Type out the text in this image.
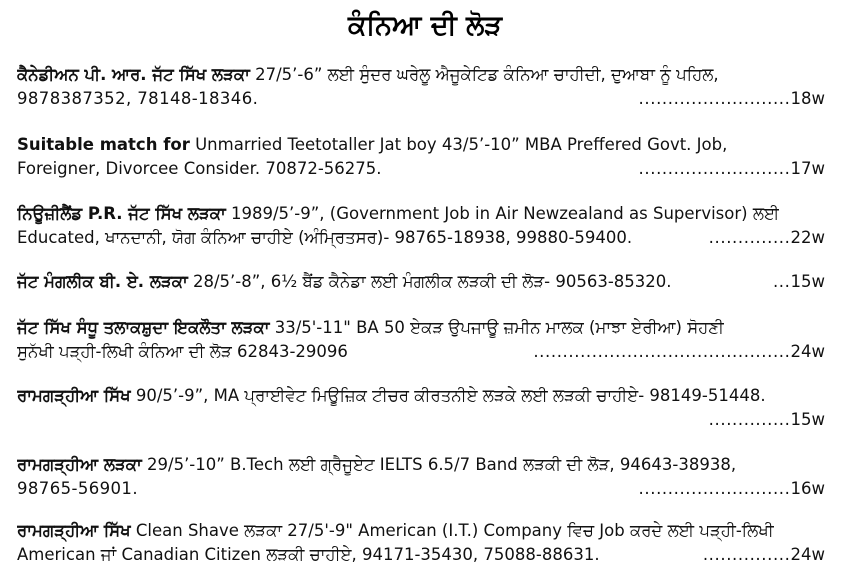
ਕੰਨਿਆ ਦੀ ਲੋੜ
ਕੈਨੇਡੀਅਨ ਪੀ. ਆਰ. ਜੱਟ ਸਿੱਖ ਲੜਕਾ 27/5’-6” ਲਈ ਸੁੰਦਰ ਘਰੇਲੂ ਐਜੂਕੇਟਿਡ ਕੰਨਿਆ ਚਾਹੀਦੀ, ਦੁਆਬਾ ਨੂੰ ਪਹਿਲ,
9878387352, 78148-18346.	.......................... 18w
Suitable match for Unmarried Teetotaller Jat boy 43/5’-10” MBA Preffered Govt. Job,
Foreigner, Divorcee Consider. 70872-56275.	.......................... 17w
ਨਿਊਜ਼ੀਲੈਂਡ P.R. ਜੱਟ ਸਿੱਖ ਲੜਕਾ 1989/5’-9”, (Government Job in Air Newzealand as Supervisor) ਲਈ
Educated, ਖਾਨਦਾਨੀ, ਯੋਗ ਕੰਨਿਆ ਚਾਹੀਏ (ਅੰਮ੍ਰਿਤਸਰ)- 98765-18938, 99880-59400.	.............. 22w
ਜੱਟ ਮੰਗਲੀਕ ਬੀ. ਏ. ਲੜਕਾ 28/5’-8”, 6½ ਬੈਂਡ ਕੈਨੇਡਾ ਲਈ ਮੰਗਲੀਕ ਲੜਕੀ ਦੀ ਲੋੜ- 90563-85320.	... 15w
ਜੱਟ ਸਿੱਖ ਸੰਧੂ ਤਲਾਕਸ਼ੁਦਾ ਇਕਲੌਤਾ ਲੜਕਾ 33/5'-11" BA 50 ਏਕੜ ਉਪਜਾਊ ਜ਼ਮੀਨ ਮਾਲਕ (ਮਾਝਾ ਏਰੀਆ) ਸੋਹਣੀ
ਸੁਨੱਖੀ ਪੜ੍ਹੀ-ਲਿਖੀ ਕੰਨਿਆ ਦੀ ਲੋੜ 62843-29096	............................................ 24w
ਰਾਮਗੜ੍ਹੀਆ ਸਿੱਖ 90/5’-9”, MA ਪ੍ਰਾਈਵੇਟ ਮਿਊਜ਼ਿਕ ਟੀਚਰ ਕੀਰਤਨੀਏ ਲੜਕੇ ਲਈ ਲੜਕੀ ਚਾਹੀਏ- 98149-51448.
.............. 15w
ਰਾਮਗੜ੍ਹੀਆ ਲੜਕਾ 29/5’-10” B.Tech ਲਈ ਗ੍ਰੈਜੂਏਟ IELTS 6.5/7 Band ਲੜਕੀ ਦੀ ਲੋੜ, 94643-38938,
98765-56901.	.......................... 16w
ਰਾਮਗੜ੍ਹੀਆ ਸਿੱਖ Clean Shave ਲੜਕਾ 27/5'-9" American (I.T.) Company ਵਿਚ Job ਕਰਦੇ ਲਈ ਪੜ੍ਹੀ-ਲਿਖੀ
American ਜਾਂ Canadian Citizen ਲੜਕੀ ਚਾਹੀਏ, 94171-35430, 75088-88631.	............... 24w
